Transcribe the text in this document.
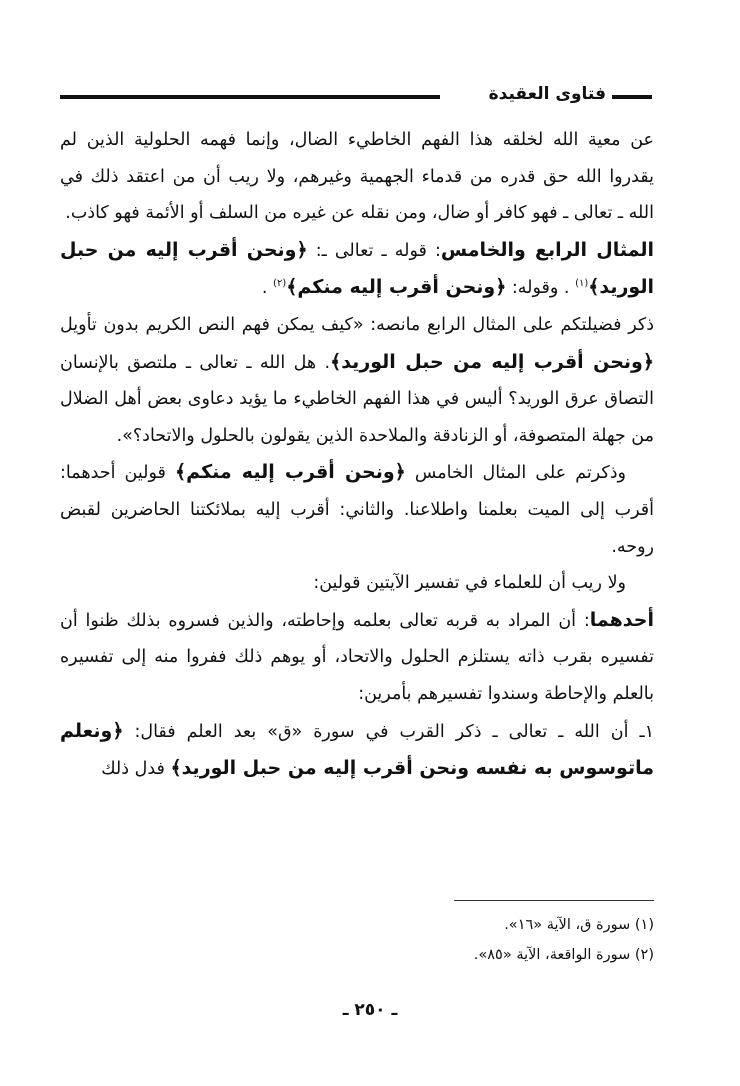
فتاوى العقيدة

عن معية الله لخلقه هذا الفهم الخاطيء الضال، وإنما فهمه الحلولية الذين لم يقدروا الله حق قدره من قدماء الجهمية وغيرهم، ولا ريب أن من اعتقد ذلك في الله ـ تعالى ـ فهو كافر أو ضال، ومن نقله عن غيره من السلف أو الأئمة فهو كاذب.

المثال الرابع والخامس: قوله ـ تعالى ـ: ﴿ونحن أقرب إليه من حبل الوريد﴾$^{(١)}$ . وقوله: ﴿ونحن أقرب إليه منكم﴾$^{(٢)}$ .

ذكر فضيلتكم على المثال الرابع مانصه: «كيف يمكن فهم النص الكريم بدون تأويل ﴿ونحن أقرب إليه من حبل الوريد﴾. هل الله ـ تعالى ـ ملتصق بالإنسان التصاق عرق الوريد؟ أليس في هذا الفهم الخاطيء ما يؤيد دعاوى بعض أهل الضلال من جهلة المتصوفة، أو الزنادقة والملاحدة الذين يقولون بالحلول والاتحاد؟».

وذكرتم على المثال الخامس ﴿ونحن أقرب إليه منكم﴾ قولين أحدهما: أقرب إلى الميت بعلمنا واطلاعنا. والثاني: أقرب إليه بملائكتنا الحاضرين لقبض روحه.

ولا ريب أن للعلماء في تفسير الآيتين قولين:

أحدهما: أن المراد به قربه تعالى بعلمه وإحاطته، والذين فسروه بذلك ظنوا أن تفسيره بقرب ذاته يستلزم الحلول والاتحاد، أو يوهم ذلك ففروا منه إلى تفسيره بالعلم والإحاطة وسندوا تفسيرهم بأمرين:

١ـ أن الله ـ تعالى ـ ذكر القرب في سورة «ق» بعد العلم فقال: ﴿ونعلم ماتوسوس به نفسه ونحن أقرب إليه من حبل الوريد﴾ فدل ذلك

(١) سورة ق، الآية «١٦».
(٢) سورة الواقعة، الآية «٨٥».
ـ ٢٥٠ ـ
